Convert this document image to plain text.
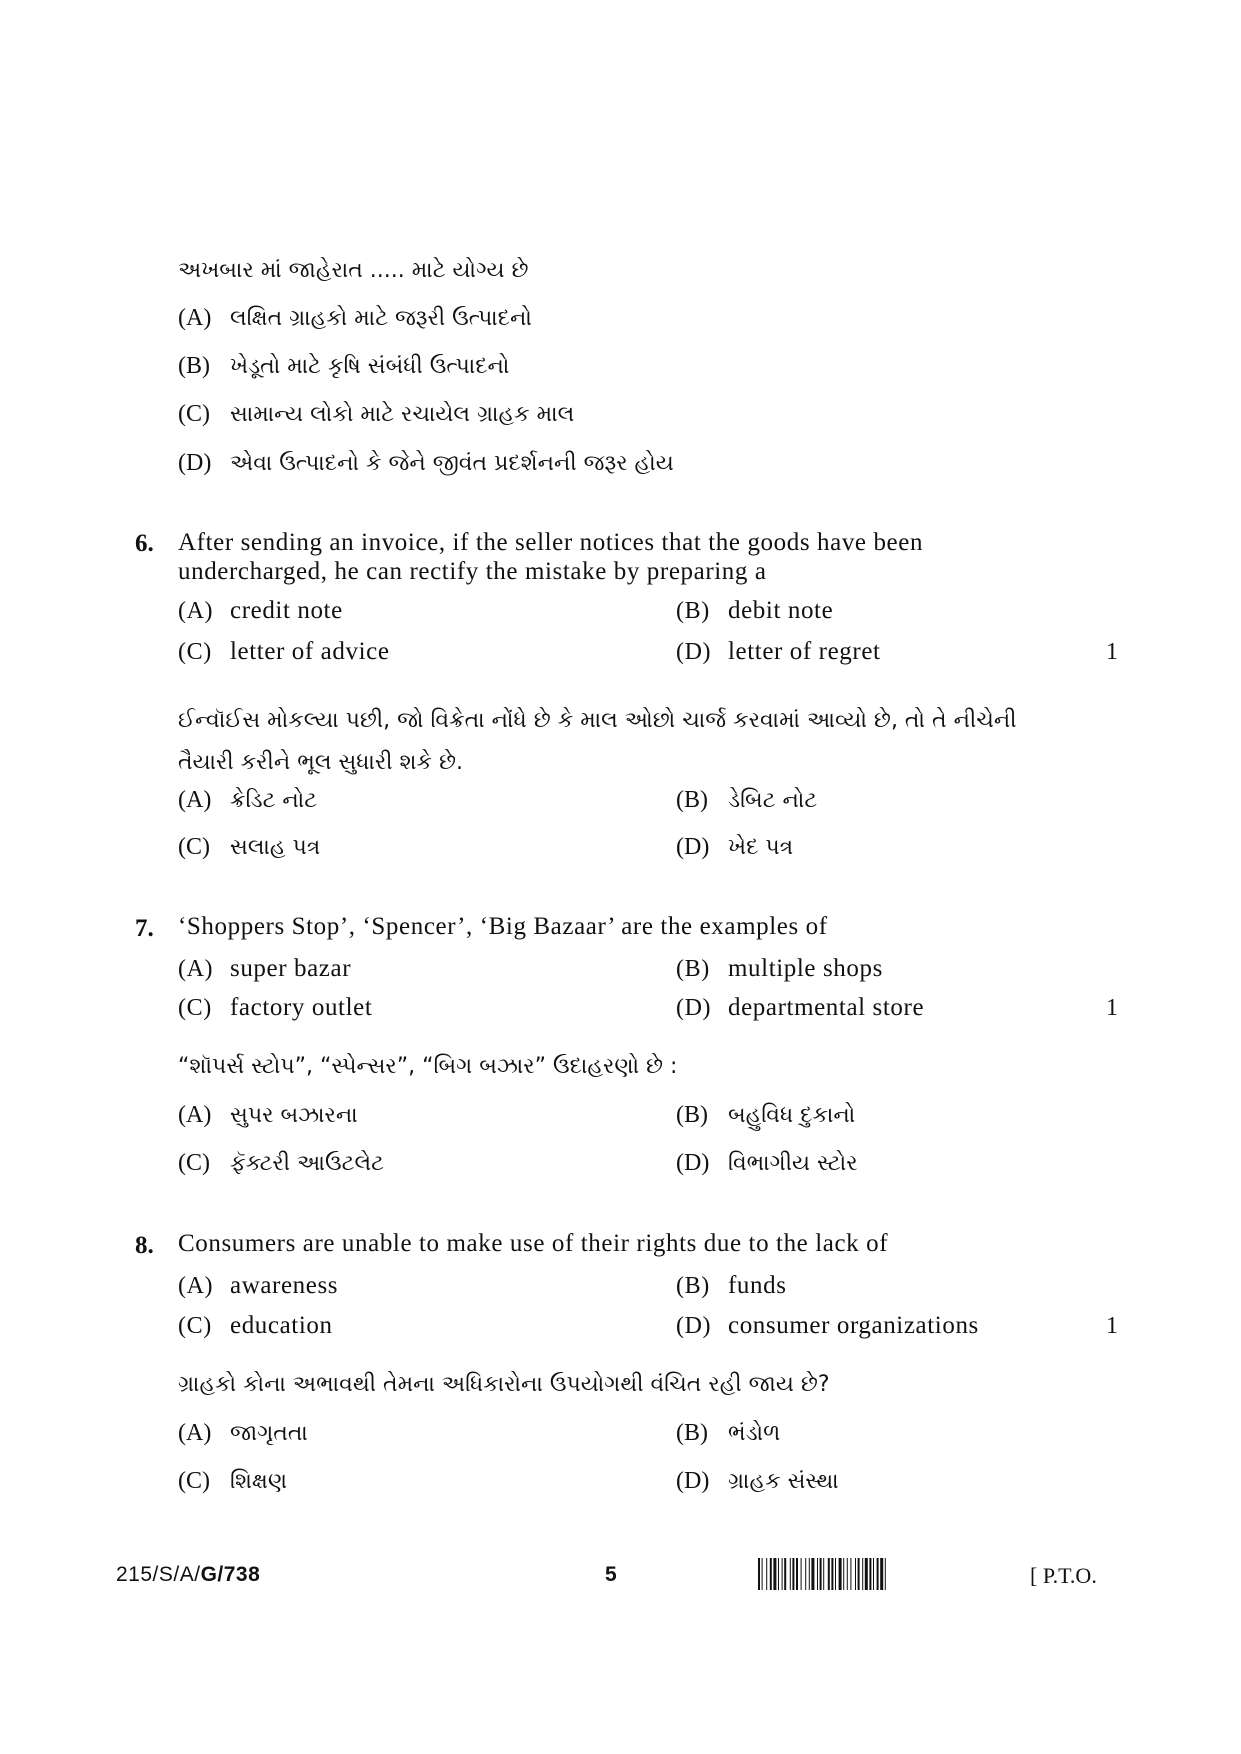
અખબાર માં જાહેરાત ..... માટે યોગ્ય છે
(A) લક્ષિત ગ્રાહકો માટે જરૂરી ઉત્પાદનો
(B) ખેડૂતો માટે કૃષિ સંબંધી ઉત્પાદનો
(C) સામાન્ય લોકો માટે રચાયેલ ગ્રાહક માલ
(D) એવા ઉત્પાદનો કે જેને જીવંત પ્રદર્શનની જરૂર હોય
6. After sending an invoice, if the seller notices that the goods have been undercharged, he can rectify the mistake by preparing a
(A) credit note	(B) debit note
(C) letter of advice	(D) letter of regret	1
ઈન્વૉઈસ મોકલ્યા પછી, જો વિક્રેતા નોંધે છે કે માલ ઓછો ચાર્જ કરવામાં આવ્યો છે, તો તે નીચેની તૈયારી કરીને ભૂલ સુધારી શકે છે.
(A) ક્રેડિટ નોટ	(B) ડેબિટ નોટ
(C) સલાહ પત્ર	(D) ખેદ પત્ર
7. ‘Shoppers Stop’, ‘Spencer’, ‘Big Bazaar’ are the examples of
(A) super bazar	(B) multiple shops
(C) factory outlet	(D) departmental store	1
“શૉપર્સ સ્ટોપ”, “સ્પેન્સર”, “બિગ બઝાર” ઉદાહરણો છે :
(A) સુપર બઝારના	(B) બહુવિધ દુકાનો
(C) ફૅક્ટરી આઉટલેટ	(D) વિભાગીય સ્ટોર
8. Consumers are unable to make use of their rights due to the lack of
(A) awareness	(B) funds
(C) education	(D) consumer organizations	1
ગ્રાહકો કોના અભાવથી તેમના અધિકારોના ઉપયોગથી વંચિત રહી જાય છે?
(A) જાગૃતતા	(B) ભંડોળ
(C) શિક્ષણ	(D) ગ્રાહક સંસ્થા
215/S/A/G/738	5	[ P.T.O.
